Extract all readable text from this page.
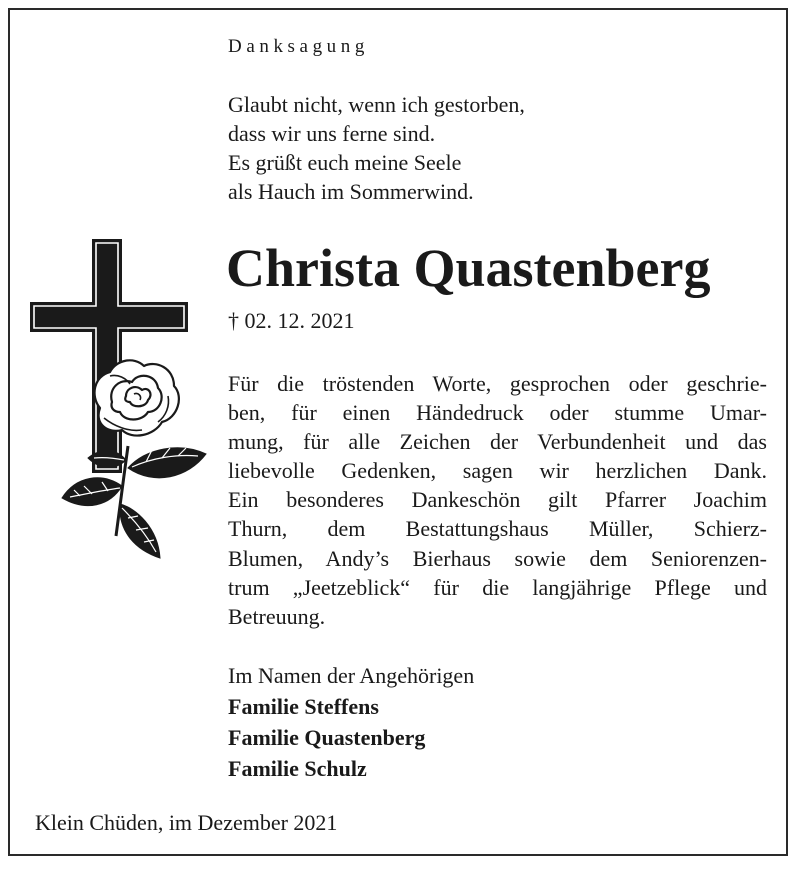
Danksagung
Glaubt nicht, wenn ich gestorben,
dass wir uns ferne sind.
Es grüßt euch meine Seele
als Hauch im Sommerwind.
Christa Quastenberg
† 02. 12. 2021
Für die tröstenden Worte, gesprochen oder geschrie-
ben, für einen Händedruck oder stumme Umar-
mung, für alle Zeichen der Verbundenheit und das
liebevolle Gedenken, sagen wir herzlichen Dank.
Ein besonderes Dankeschön gilt Pfarrer Joachim
Thurn, dem Bestattungshaus Müller, Schierz-
Blumen, Andy’s Bierhaus sowie dem Seniorenzen-
trum „Jeetzeblick“ für die langjährige Pflege und
Betreuung.
Im Namen der Angehörigen
Familie Steffens
Familie Quastenberg
Familie Schulz
Klein Chüden, im Dezember 2021
